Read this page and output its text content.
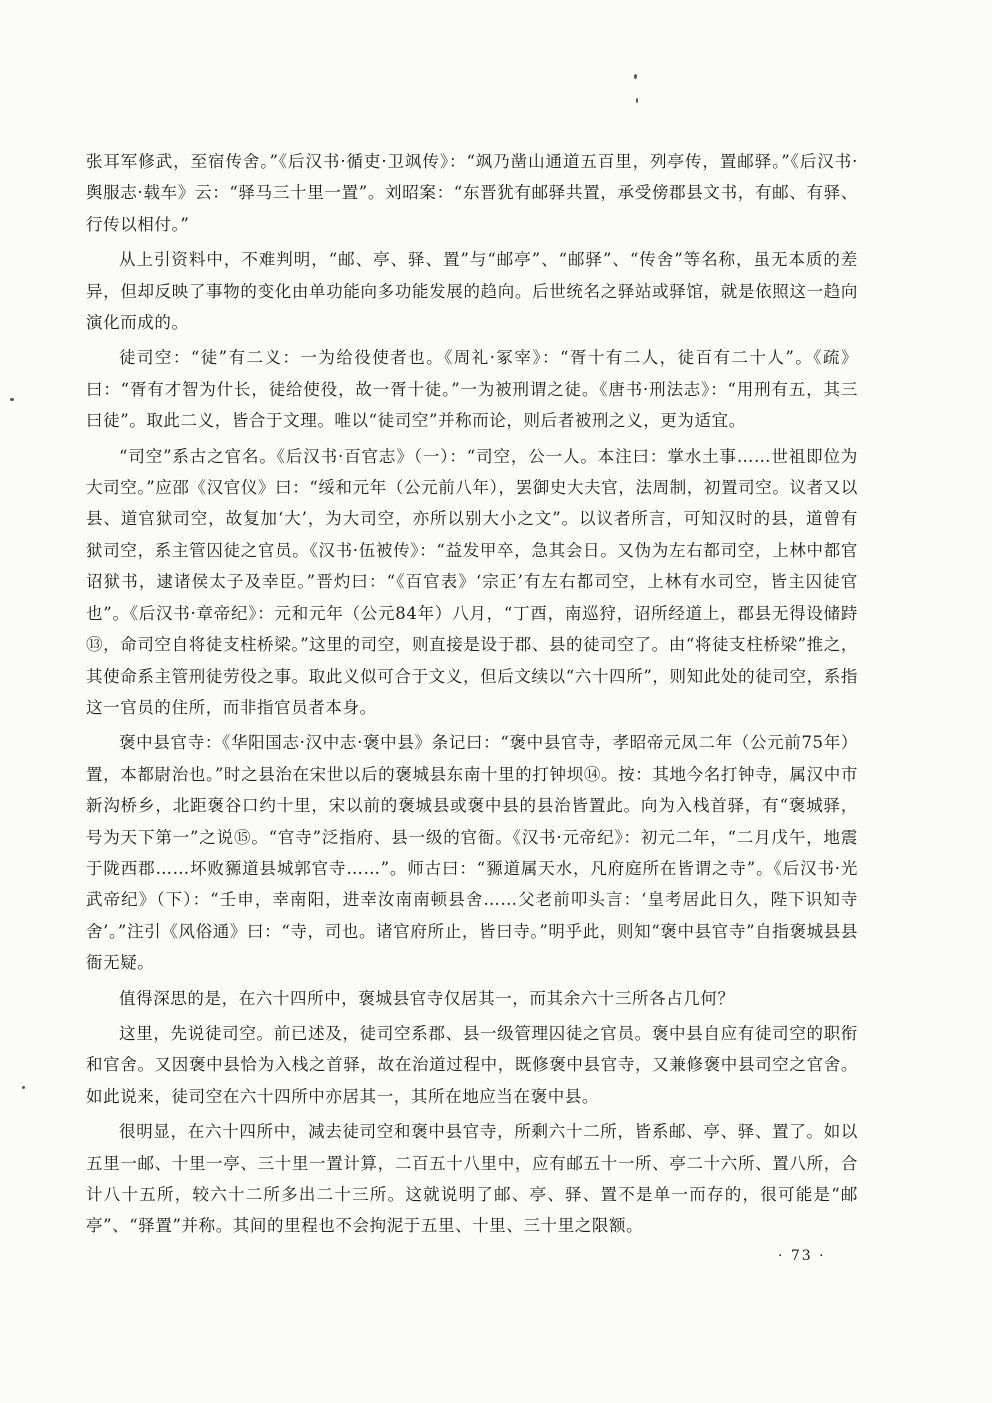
张耳军修武，至宿传舍。”《后汉书·循吏·卫飒传》：“飒乃凿山通道五百里，列亭传，置邮驿。”《后汉书·舆服志·载车》云：“驿马三十里一置”。刘昭案：“东晋犹有邮驿共置，承受傍郡县文书，有邮、有驿、行传以相付。”

从上引资料中，不难判明，“邮、亭、驿、置”与“邮亭”、“邮驿”、“传舍”等名称，虽无本质的差异，但却反映了事物的变化由单功能向多功能发展的趋向。后世统名之驿站或驿馆，就是依照这一趋向演化而成的。

徒司空：“徒”有二义：一为给役使者也。《周礼·冢宰》：“胥十有二人，徒百有二十人”。《疏》曰：“胥有才智为什长，徒给使役，故一胥十徒。”一为被刑谓之徒。《唐书·刑法志》：“用刑有五，其三曰徒”。取此二义，皆合于文理。唯以“徒司空”并称而论，则后者被刑之义，更为适宜。

“司空”系古之官名。《后汉书·百官志》（一）：“司空，公一人。本注曰：掌水土事……世祖即位为大司空。”应邵《汉官仪》曰：“绥和元年（公元前八年），罢御史大夫官，法周制，初置司空。议者又以县、道官狱司空，故复加‘大’，为大司空，亦所以别大小之文”。以议者所言，可知汉时的县，道曾有狱司空，系主管囚徒之官员。《汉书·伍被传》：“益发甲卒，急其会日。又伪为左右都司空，上林中都官诏狱书，逮诸侯太子及幸臣。”晋灼曰：“《百官表》‘宗正’有左右都司空，上林有水司空，皆主囚徒官也”。《后汉书·章帝纪》：元和元年（公元84年）八月，“丁酉，南巡狩，诏所经道上，郡县无得设储跱⑬，命司空自将徒支柱桥梁。”这里的司空，则直接是设于郡、县的徒司空了。由“将徒支柱桥梁”推之，其使命系主管刑徒劳役之事。取此义似可合于文义，但后文续以“六十四所”，则知此处的徒司空，系指这一官员的住所，而非指官员者本身。

褒中县官寺：《华阳国志·汉中志·褒中县》条记曰：“褒中县官寺，孝昭帝元凤二年（公元前75年）置，本都尉治也。”时之县治在宋世以后的褒城县东南十里的打钟坝⑭。按：其地今名打钟寺，属汉中市新沟桥乡，北距褒谷口约十里，宋以前的褒城县或褒中县的县治皆置此。向为入栈首驿，有“褒城驿，号为天下第一”之说⑮。“官寺”泛指府、县一级的官衙。《汉书·元帝纪》：初元二年，“二月戊午，地震于陇西郡……坏败豲道县城郭官寺……”。师古曰：“豲道属天水，凡府庭所在皆谓之寺”。《后汉书·光武帝纪》（下）：“壬申，幸南阳，进幸汝南南顿县舍……父老前叩头言：‘皇考居此日久，陛下识知寺舍’。”注引《风俗通》曰：“寺，司也。诸官府所止，皆曰寺。”明乎此，则知“褒中县官寺”自指褒城县县衙无疑。

值得深思的是，在六十四所中，褒城县官寺仅居其一，而其余六十三所各占几何？

这里，先说徒司空。前已述及，徒司空系郡、县一级管理囚徒之官员。褒中县自应有徒司空的职衔和官舍。又因褒中县恰为入栈之首驿，故在治道过程中，既修褒中县官寺，又兼修褒中县司空之官舍。如此说来，徒司空在六十四所中亦居其一，其所在地应当在褒中县。

很明显，在六十四所中，减去徒司空和褒中县官寺，所剩六十二所，皆系邮、亭、驿、置了。如以五里一邮、十里一亭、三十里一置计算，二百五十八里中，应有邮五十一所、亭二十六所、置八所，合计八十五所，较六十二所多出二十三所。这就说明了邮、亭、驿、置不是单一而存的，很可能是“邮亭”、“驿置”并称。其间的里程也不会拘泥于五里、十里、三十里之限额。

· 73 ·
